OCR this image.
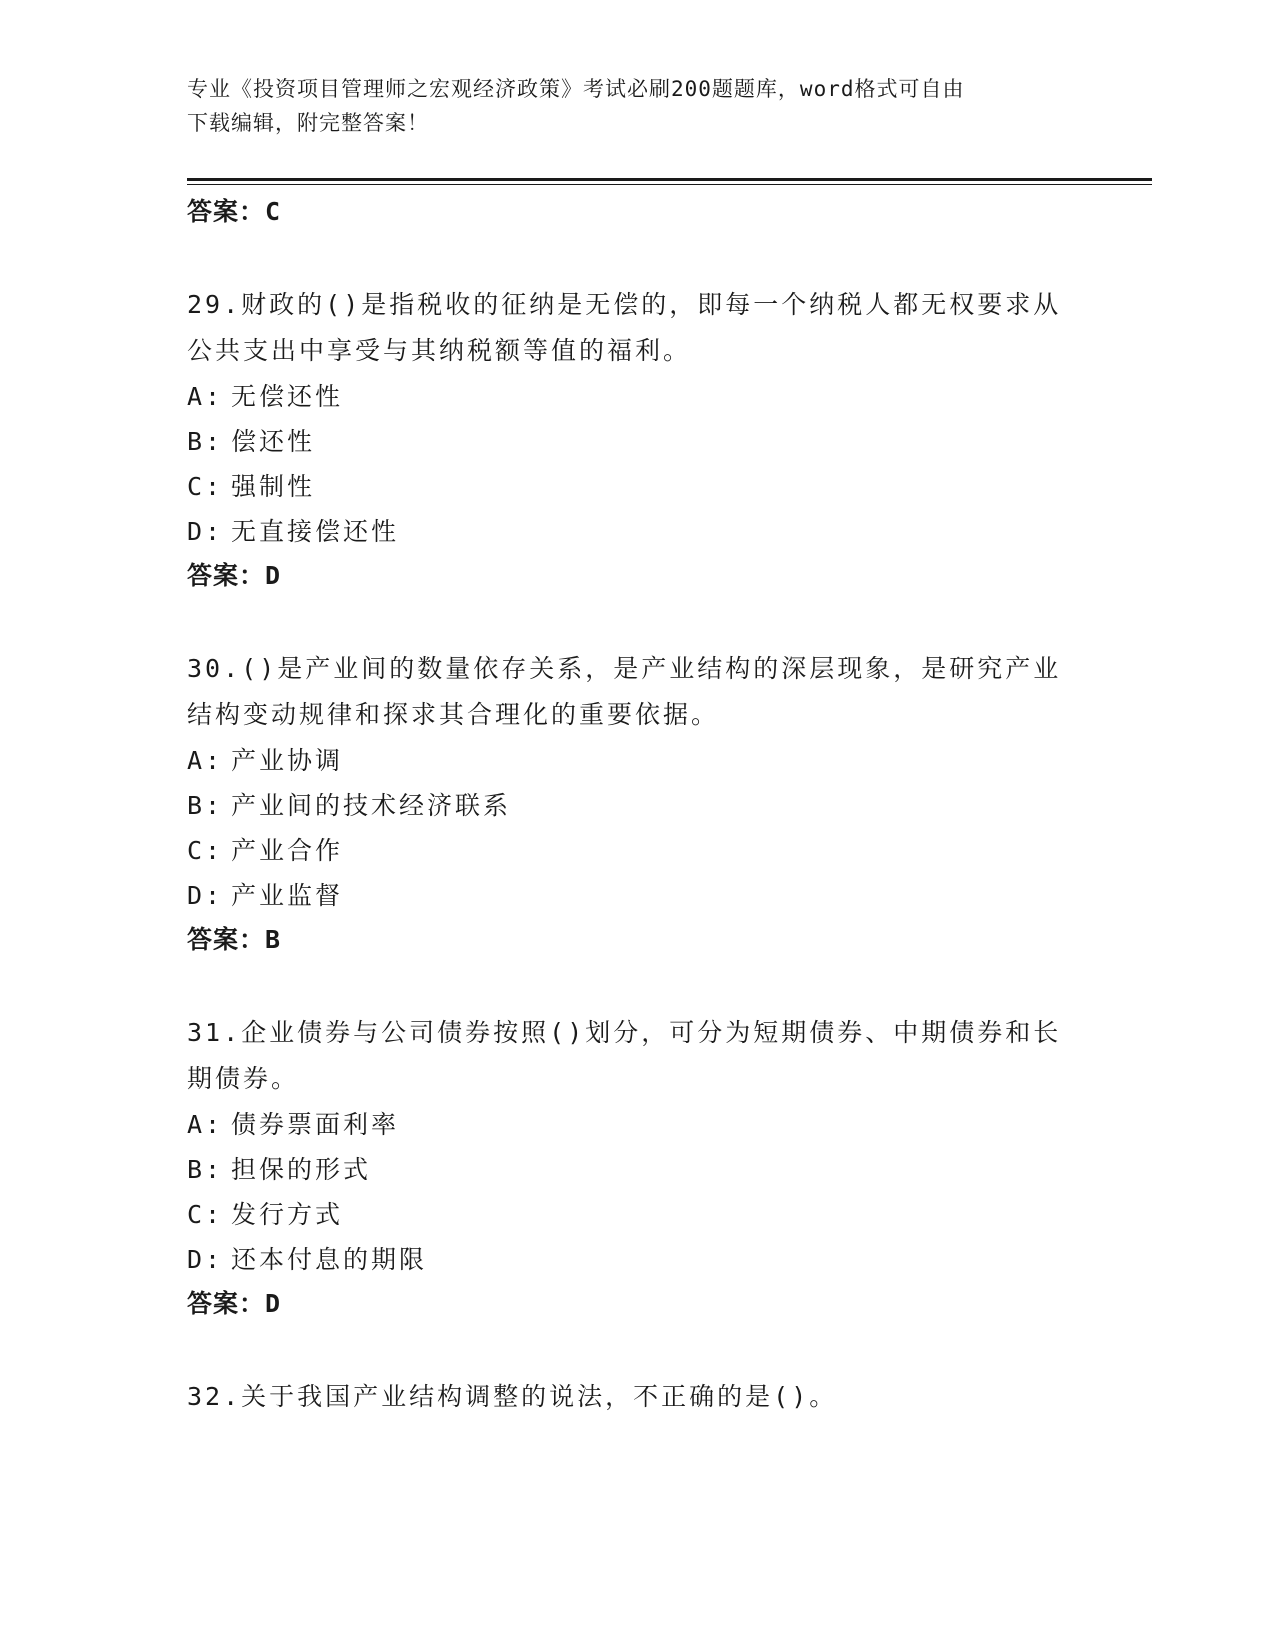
专业《投资项目管理师之宏观经济政策》考试必刷200题题库，word格式可自由
下载编辑，附完整答案！
答案：C
29.财政的()是指税收的征纳是无偿的，即每一个纳税人都无权要求从公共支出中享受与其纳税额等值的福利。
A: 无偿还性
B: 偿还性
C: 强制性
D: 无直接偿还性
答案：D
30.()是产业间的数量依存关系，是产业结构的深层现象，是研究产业结构变动规律和探求其合理化的重要依据。
A: 产业协调
B: 产业间的技术经济联系
C: 产业合作
D: 产业监督
答案：B
31.企业债券与公司债券按照()划分，可分为短期债券、中期债券和长期债券。
A: 债券票面利率
B: 担保的形式
C: 发行方式
D: 还本付息的期限
答案：D
32.关于我国产业结构调整的说法，不正确的是()。
